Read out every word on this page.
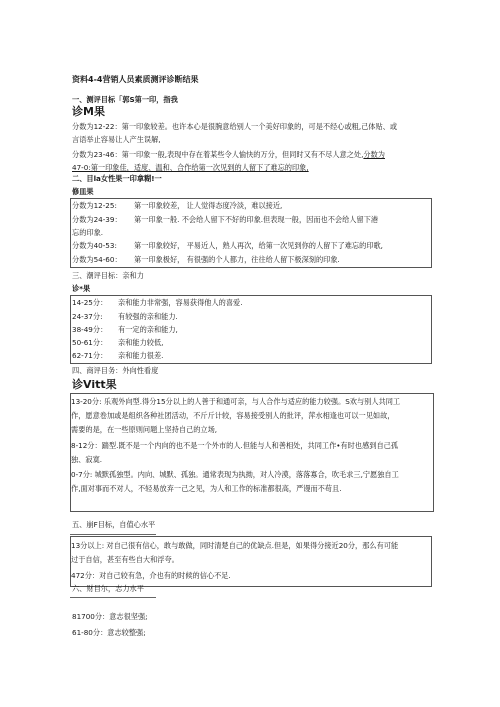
资料4-4营销人员素质测评诊断结果
一、测评目标「郭S第一印，指我
诊M果
分数为12-22：第一印象较差。也许本心是很腕意给别人一个美好印象的，可是不经心或粗,己体贴、或
言语举止容易让人产生误解,
分数为23-46：第一印象一般,表现中存在着某些令人愉快的万分，但同时又有不尽人意之处,分数为
47-0:第一印象佳，适度、温和、合作给第一次见到的人留下了难忘的印象,
二、目la女性果一印拿糊!一
修皿果
分数为12-25: 第一印象较差， 让人觉得态度冷淡，难以接近,
分数为24-39： 第一印象一般. 不会给人留下不好的印象.但表现一般，因而也不会给人留下港
忘的印象.
分数为40-53: 第一印象较好， 平易近人，熟人再次，给第一次见到你的人留下了难忘的印歌,
分数为54-60： 第一印象极好， 有很强的个人都力，往往给人留下极深刻的印象.
三、潮评目标：亲和力
诊*果
14-25分： 亲和能力非常强，容易获得他人的喜爱.
24-37分: 有较强的亲和能力.
38-49分： 有一定的亲和能力,
50-61分： 亲和能力较低,
62-71分： 亲和能力很差.
四、商评目务：外向性看度
诊Vitt果
13-20分: 乐观外向型.得分15分以上的人善于和通可亲，与人合作与适应的能力较强。S欢与别人共同工
作，愿意卷加或是组织各种社团活动，不斤斤计较，容易接受别人的批评，萍水相逢也可以一见如故，
需要的是，在一些原则问题上坚持自己的立场,
8-12分：踹型.既不是一个内向的也不是一个外市的人.但能与人和善相处，共同工作•有时也感到自己孤
独、寂寞.
0-7分: 城默孤独型。内向、城默、孤独。通常表现为执拗，对人冷漠，落落寡合，吹毛求三,宁愿独自工
作,面对事而不对人，不轻易放弃一己之见，为人和工作的标准都很高，严谩而不苟且.
五、崩F目标，自值心水平
13分以上: 对自己很有信心，敢与敢做，同时清楚自己的优缺点.但是，如果得分接近20分，那么有可能
过于自信，甚至有些自大和浮夸。
472分：对自己较有急，介也有的时候的信心不足.
六、财目尔，志力水平
81700分：意志很坚强;
61-80分：意志较整强;
